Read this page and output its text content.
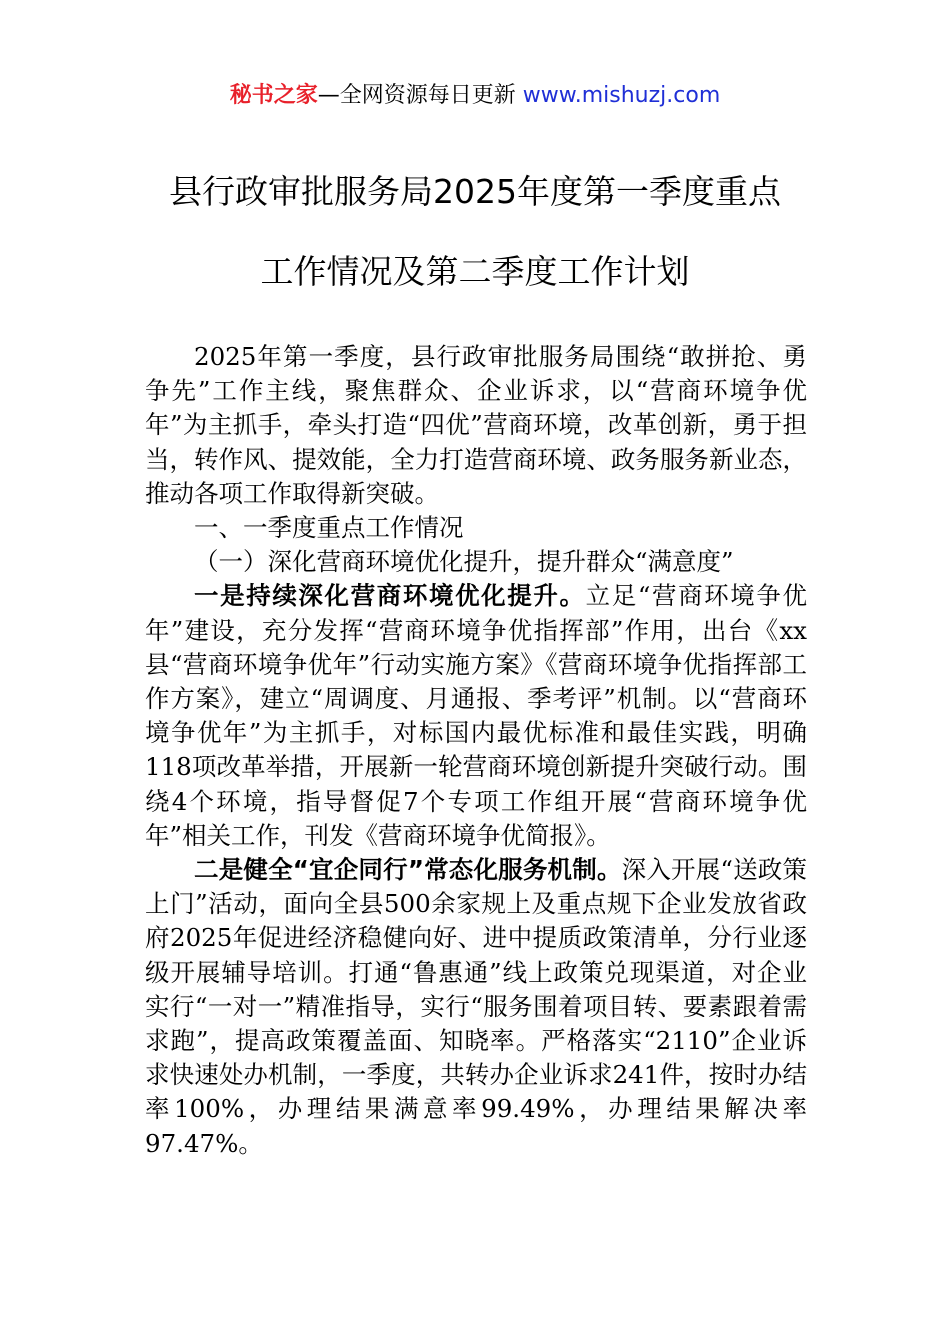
秘书之家—全网资源每日更新 www.mishuzj.com
县行政审批服务局2025年度第一季度重点
工作情况及第二季度工作计划

2025年第一季度，县行政审批服务局围绕“敢拼抢、勇争先”工作主线，聚焦群众、企业诉求，以“营商环境争优年”为主抓手，牵头打造“四优”营商环境，改革创新，勇于担当，转作风、提效能，全力打造营商环境、政务服务新业态，推动各项工作取得新突破。

一、一季度重点工作情况

（一）深化营商环境优化提升，提升群众“满意度”

一是持续深化营商环境优化提升。立足“营商环境争优年”建设，充分发挥“营商环境争优指挥部”作用，出台《xx县“营商环境争优年”行动实施方案》《营商环境争优指挥部工作方案》，建立“周调度、月通报、季考评”机制。以“营商环境争优年”为主抓手，对标国内最优标准和最佳实践，明确118项改革举措，开展新一轮营商环境创新提升突破行动。围绕4个环境，指导督促7个专项工作组开展“营商环境争优年”相关工作，刊发《营商环境争优简报》。

二是健全“宜企同行”常态化服务机制。深入开展“送政策上门”活动，面向全县500余家规上及重点规下企业发放省政府2025年促进经济稳健向好、进中提质政策清单，分行业逐级开展辅导培训。打通“鲁惠通”线上政策兑现渠道，对企业实行“一对一”精准指导，实行“服务围着项目转、要素跟着需求跑”，提高政策覆盖面、知晓率。严格落实“2110”企业诉求快速处办机制，一季度，共转办企业诉求241件，按时办结率100%，办理结果满意率99.49%，办理结果解决率97.47%。
